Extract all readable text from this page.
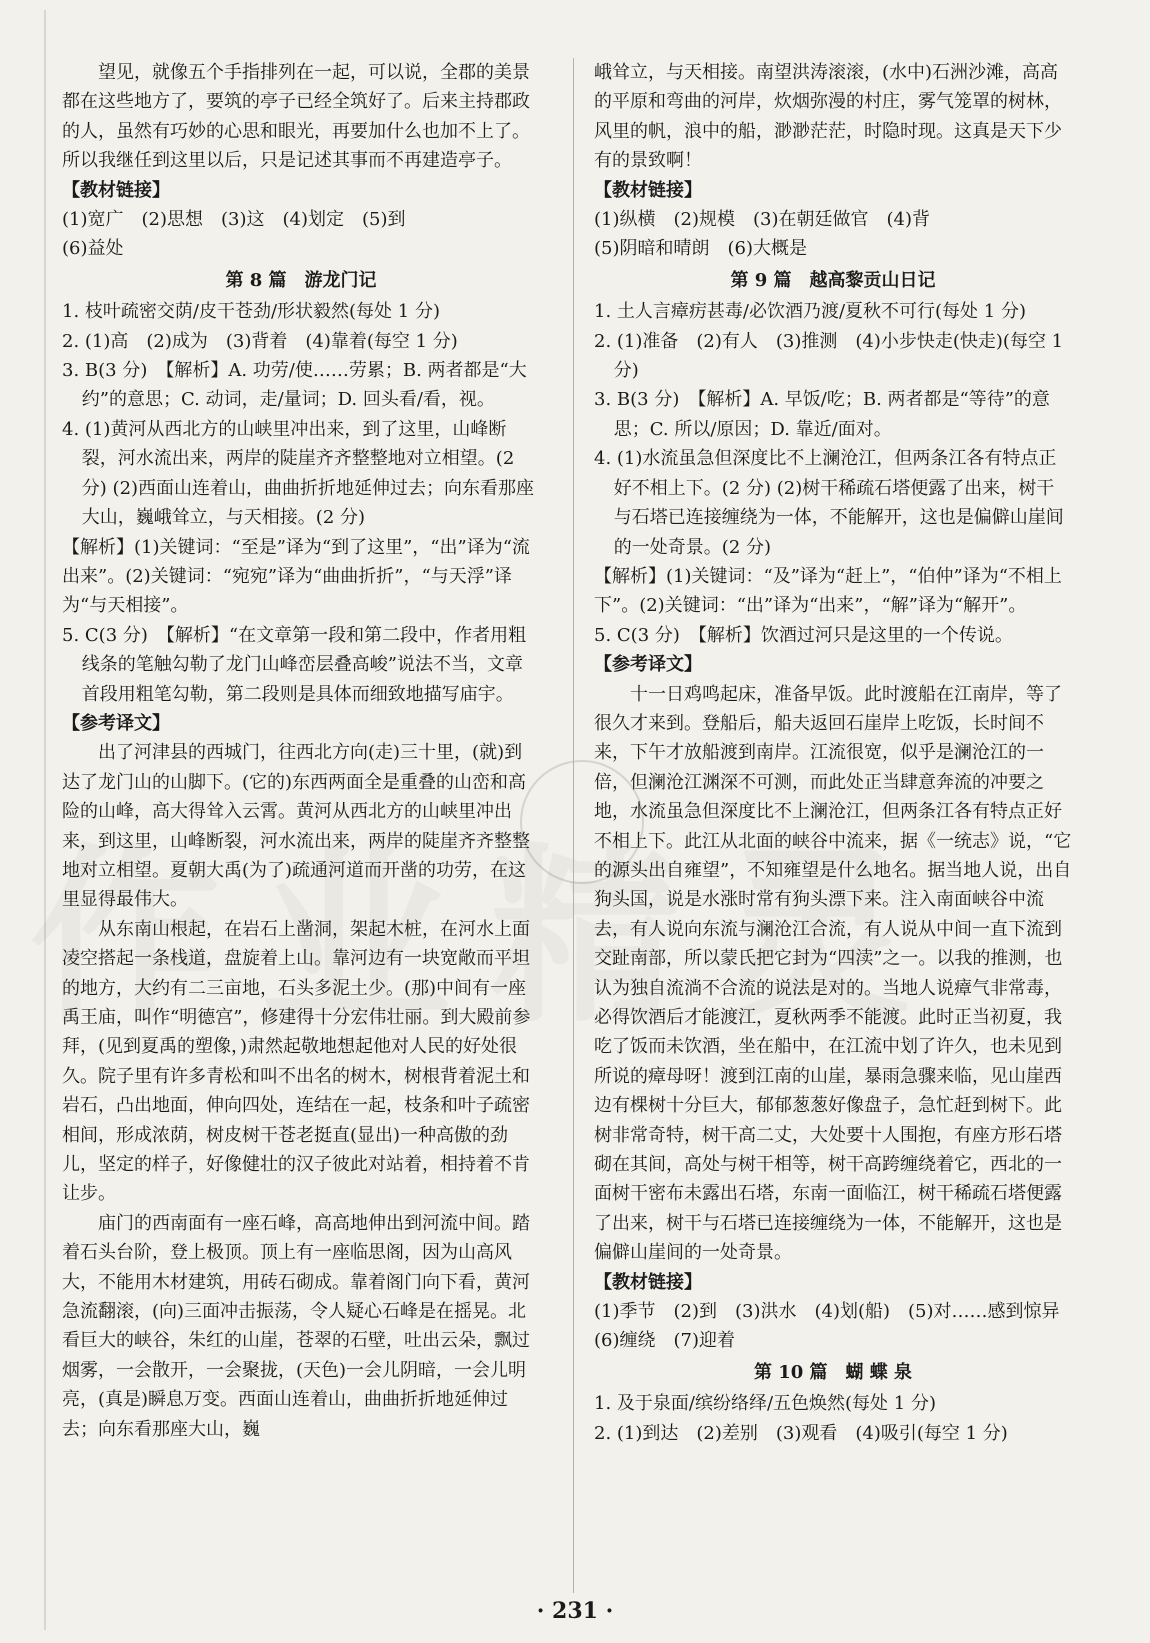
望见，就像五个手指排列在一起，可以说，全郡的美景都在这些地方了，要筑的亭子已经全筑好了。后来主持郡政的人，虽然有巧妙的心思和眼光，再要加什么也加不上了。所以我继任到这里以后，只是记述其事而不再建造亭子。

【教材链接】

(1)宽广　(2)思想　(3)这　(4)划定　(5)到

(6)益处

第 8 篇　游龙门记

1. 枝叶疏密交荫/皮干苍劲/形状毅然(每处 1 分)

2. (1)高　(2)成为　(3)背着　(4)靠着(每空 1 分)

3. B(3 分)　【解析】A. 功劳/使……劳累；B. 两者都是“大约”的意思；C. 动词，走/量词；D. 回头看/看，视。

4. (1)黄河从西北方的山峡里冲出来，到了这里，山峰断裂，河水流出来，两岸的陡崖齐齐整整地对立相望。(2 分) (2)西面山连着山，曲曲折折地延伸过去；向东看那座大山，巍峨耸立，与天相接。(2 分)

【解析】(1)关键词：“至是”译为“到了这里”，“出”译为“流出来”。(2)关键词：“宛宛”译为“曲曲折折”，“与天浮”译为“与天相接”。

5. C(3 分)　【解析】“在文章第一段和第二段中，作者用粗线条的笔触勾勒了龙门山峰峦层叠高峻”说法不当，文章首段用粗笔勾勒，第二段则是具体而细致地描写庙宇。

【参考译文】

出了河津县的西城门，往西北方向(走)三十里，(就)到达了龙门山的山脚下。(它的)东西两面全是重叠的山峦和高险的山峰，高大得耸入云霄。黄河从西北方的山峡里冲出来，到这里，山峰断裂，河水流出来，两岸的陡崖齐齐整整地对立相望。夏朝大禹(为了)疏通河道而开凿的功劳，在这里显得最伟大。

从东南山根起，在岩石上凿洞，架起木桩，在河水上面凌空搭起一条栈道，盘旋着上山。靠河边有一块宽敞而平坦的地方，大约有二三亩地，石头多泥土少。(那)中间有一座禹王庙，叫作“明德宫”，修建得十分宏伟壮丽。到大殿前参拜，(见到夏禹的塑像，)肃然起敬地想起他对人民的好处很久。院子里有许多青松和叫不出名的树木，树根背着泥土和岩石，凸出地面，伸向四处，连结在一起，枝条和叶子疏密相间，形成浓荫，树皮树干苍老挺直(显出)一种高傲的劲儿，坚定的样子，好像健壮的汉子彼此对站着，相持着不肯让步。

庙门的西南面有一座石峰，高高地伸出到河流中间。踏着石头台阶，登上极顶。顶上有一座临思阁，因为山高风大，不能用木材建筑，用砖石砌成。靠着阁门向下看，黄河急流翻滚，(向)三面冲击振荡，令人疑心石峰是在摇晃。北看巨大的峡谷，朱红的山崖，苍翠的石壁，吐出云朵，飘过烟雾，一会散开，一会聚拢，(天色)一会儿阴暗，一会儿明亮，(真是)瞬息万变。西面山连着山，曲曲折折地延伸过去；向东看那座大山，巍

峨耸立，与天相接。南望洪涛滚滚，(水中)石洲沙滩，高高的平原和弯曲的河岸，炊烟弥漫的村庄，雾气笼罩的树林，风里的帆，浪中的船，渺渺茫茫，时隐时现。这真是天下少有的景致啊！

【教材链接】

(1)纵横　(2)规模　(3)在朝廷做官　(4)背

(5)阴暗和晴朗　(6)大概是

第 9 篇　越高黎贡山日记

1. 土人言瘴疠甚毒/必饮酒乃渡/夏秋不可行(每处 1 分)

2. (1)准备　(2)有人　(3)推测　(4)小步快走(快走)(每空 1 分)

3. B(3 分)　【解析】A. 早饭/吃；B. 两者都是“等待”的意思；C. 所以/原因；D. 靠近/面对。

4. (1)水流虽急但深度比不上澜沧江，但两条江各有特点正好不相上下。(2 分) (2)树干稀疏石塔便露了出来，树干与石塔已连接缠绕为一体，不能解开，这也是偏僻山崖间的一处奇景。(2 分)

【解析】(1)关键词：“及”译为“赶上”，“伯仲”译为“不相上下”。(2)关键词：“出”译为“出来”，“解”译为“解开”。

5. C(3 分)　【解析】饮酒过河只是这里的一个传说。

【参考译文】

十一日鸡鸣起床，准备早饭。此时渡船在江南岸，等了很久才来到。登船后，船夫返回石崖岸上吃饭，长时间不来，下午才放船渡到南岸。江流很宽，似乎是澜沧江的一倍，但澜沧江渊深不可测，而此处正当肆意奔流的冲要之地，水流虽急但深度比不上澜沧江，但两条江各有特点正好不相上下。此江从北面的峡谷中流来，据《一统志》说，“它的源头出自雍望”，不知雍望是什么地名。据当地人说，出自狗头国，说是水涨时常有狗头漂下来。注入南面峡谷中流去，有人说向东流与澜沧江合流，有人说从中间一直下流到交趾南部，所以蒙氏把它封为“四渎”之一。以我的推测，也认为独自流淌不合流的说法是对的。当地人说瘴气非常毒，必得饮酒后才能渡江，夏秋两季不能渡。此时正当初夏，我吃了饭而未饮酒，坐在船中，在江流中划了许久，也未见到所说的瘴母呀！渡到江南的山崖，暴雨急骤来临，见山崖西边有棵树十分巨大，郁郁葱葱好像盘子，急忙赶到树下。此树非常奇特，树干高二丈，大处要十人围抱，有座方形石塔砌在其间，高处与树干相等，树干高跨缠绕着它，西北的一面树干密布未露出石塔，东南一面临江，树干稀疏石塔便露了出来，树干与石塔已连接缠绕为一体，不能解开，这也是偏僻山崖间的一处奇景。

【教材链接】

(1)季节　(2)到　(3)洪水　(4)划(船)　(5)对……感到惊异　(6)缠绕　(7)迎着

第 10 篇　蝴 蝶 泉

1. 及于泉面/缤纷络绎/五色焕然(每处 1 分)

2. (1)到达　(2)差别　(3)观看　(4)吸引(每空 1 分)

· 231 ·
